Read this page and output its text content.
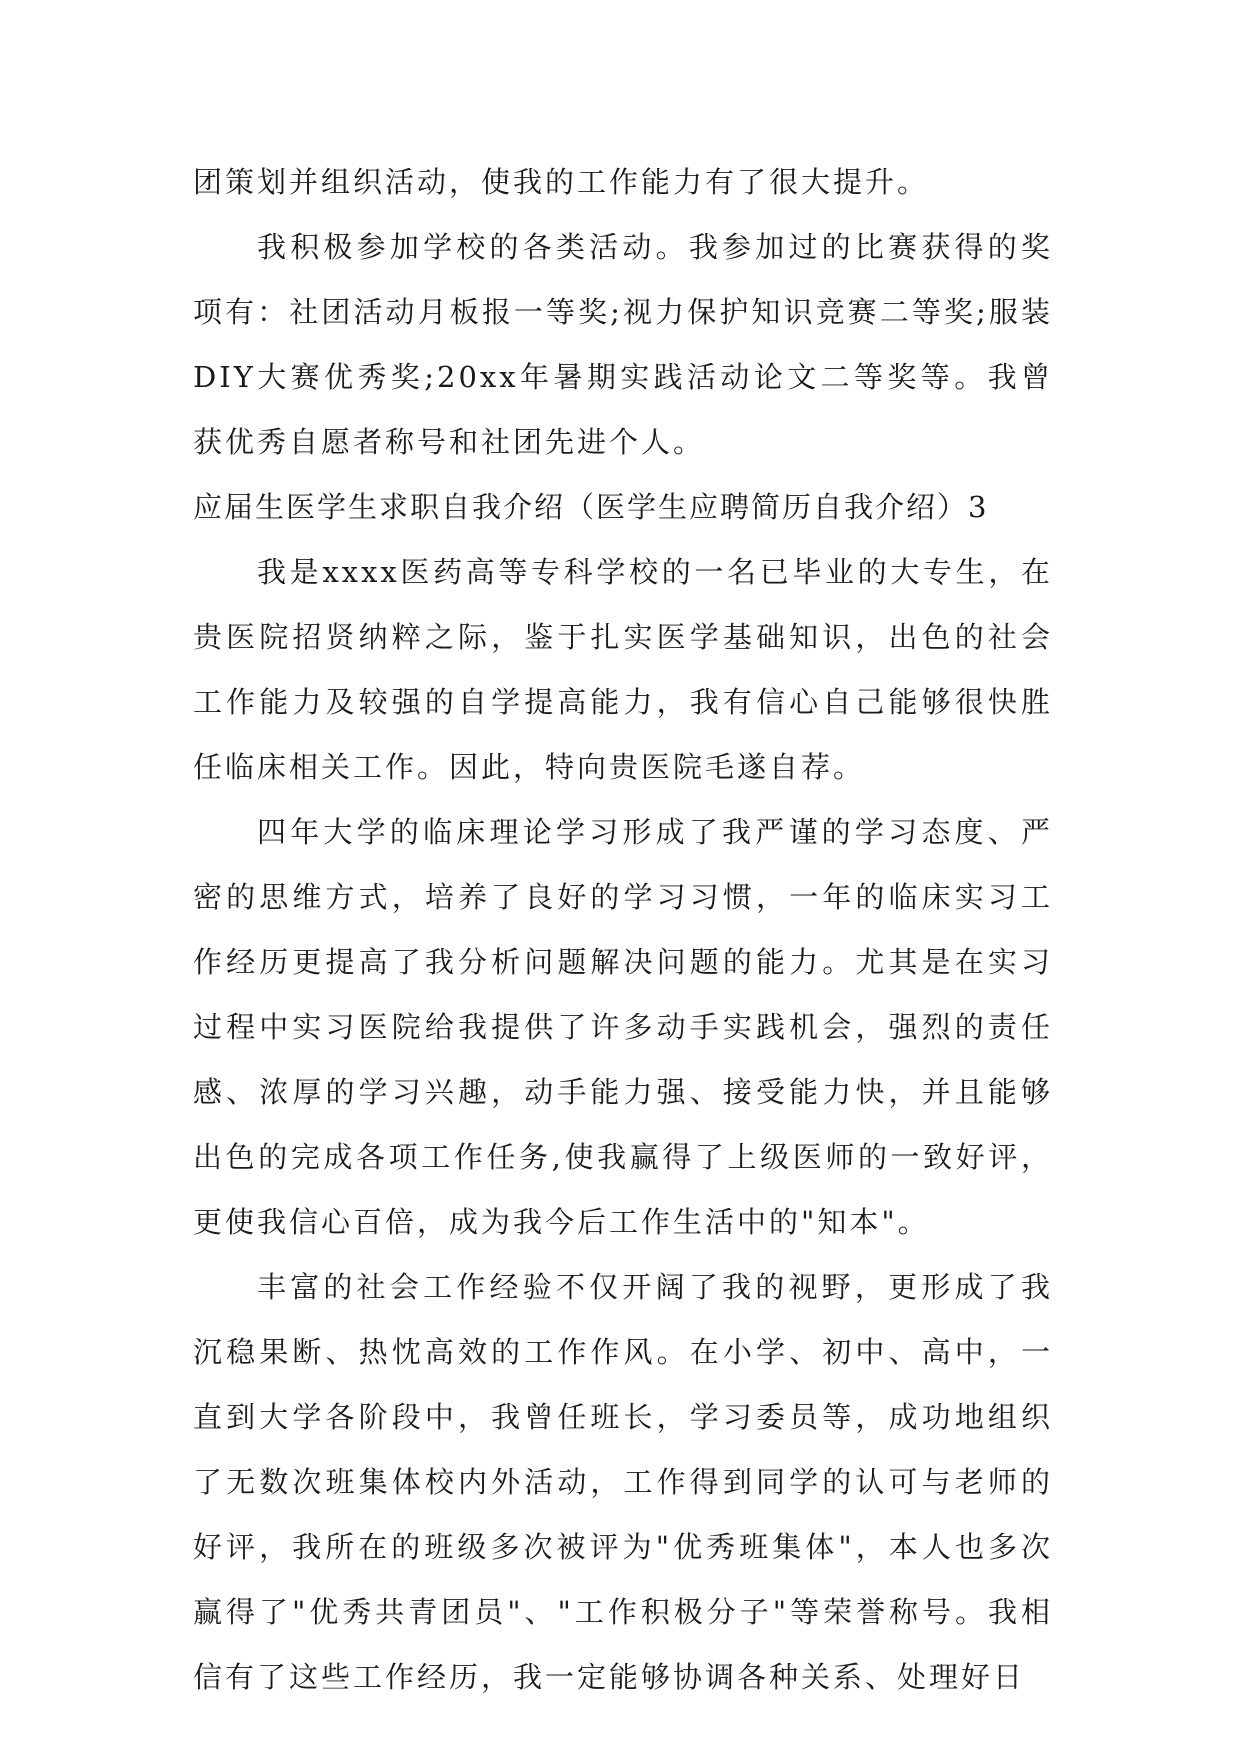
团策划并组织活动，使我的工作能力有了很大提升。

我积极参加学校的各类活动。我参加过的比赛获得的奖项有：社团活动月板报一等奖;视力保护知识竞赛二等奖;服装DIY大赛优秀奖;20xx年暑期实践活动论文二等奖等。我曾获优秀自愿者称号和社团先进个人。

应届生医学生求职自我介绍（医学生应聘简历自我介绍）3

我是xxxx医药高等专科学校的一名已毕业的大专生，在贵医院招贤纳粹之际，鉴于扎实医学基础知识，出色的社会工作能力及较强的自学提高能力，我有信心自己能够很快胜任临床相关工作。因此，特向贵医院毛遂自荐。

四年大学的临床理论学习形成了我严谨的学习态度、严密的思维方式，培养了良好的学习习惯，一年的临床实习工作经历更提高了我分析问题解决问题的能力。尤其是在实习过程中实习医院给我提供了许多动手实践机会，强烈的责任感、浓厚的学习兴趣，动手能力强、接受能力快，并且能够出色的完成各项工作任务,使我赢得了上级医师的一致好评，更使我信心百倍，成为我今后工作生活中的"知本"。

丰富的社会工作经验不仅开阔了我的视野，更形成了我沉稳果断、热忱高效的工作作风。在小学、初中、高中，一直到大学各阶段中，我曾任班长，学习委员等，成功地组织了无数次班集体校内外活动，工作得到同学的认可与老师的好评，我所在的班级多次被评为"优秀班集体"，本人也多次赢得了"优秀共青团员"、"工作积极分子"等荣誉称号。我相信有了这些工作经历，我一定能够协调各种关系、处理好日
